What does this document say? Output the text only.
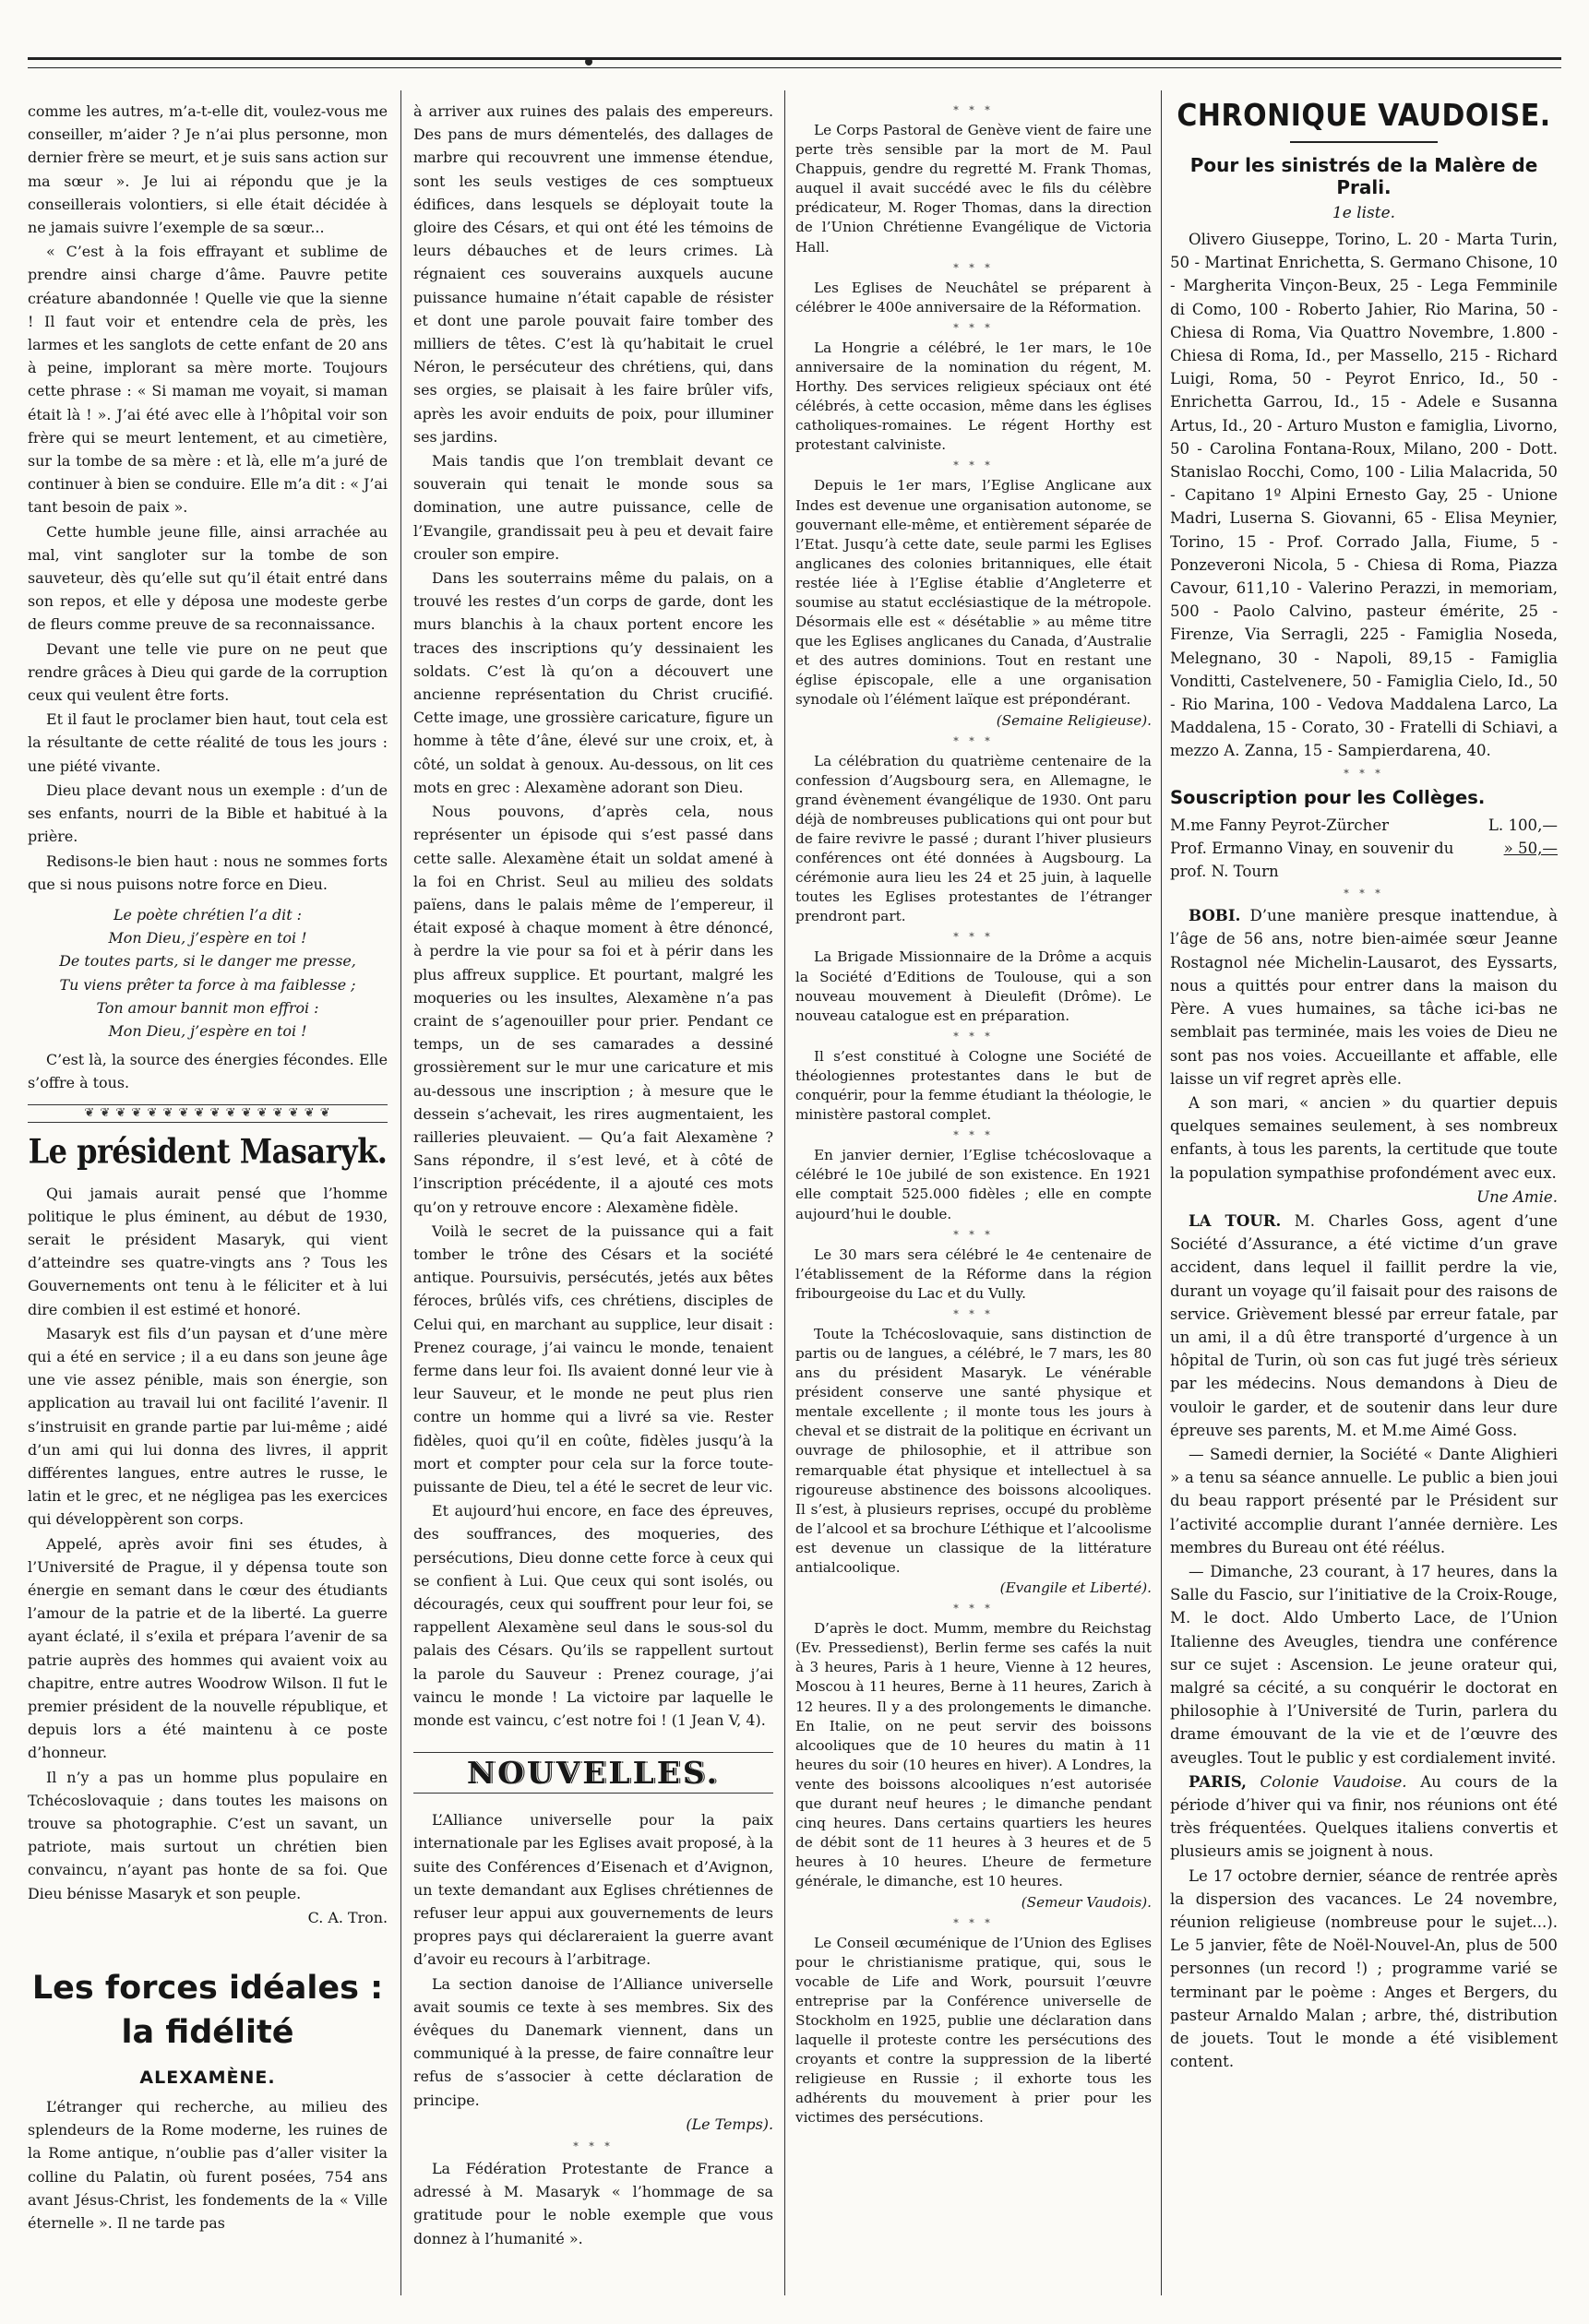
comme les autres, m’a-t-elle dit, voulez-vous me conseiller, m’aider ? Je n’ai plus personne, mon dernier frère se meurt, et je suis sans action sur ma sœur ». Je lui ai répondu que je la conseillerais volontiers, si elle était décidée à ne jamais suivre l’exemple de sa sœur...

« C’est à la fois effrayant et sublime de prendre ainsi charge d’âme. Pauvre petite créature abandonnée ! Quelle vie que la sienne ! Il faut voir et entendre cela de près, les larmes et les sanglots de cette enfant de 20 ans à peine, implorant sa mère morte. Toujours cette phrase : « Si maman me voyait, si maman était là ! ». J’ai été avec elle à l’hôpital voir son frère qui se meurt lentement, et au cimetière, sur la tombe de sa mère : et là, elle m’a juré de continuer à bien se conduire. Elle m’a dit : « J’ai tant besoin de paix ».

Cette humble jeune fille, ainsi arrachée au mal, vint sangloter sur la tombe de son sauveteur, dès qu’elle sut qu’il était entré dans son repos, et elle y déposa une modeste gerbe de fleurs comme preuve de sa reconnaissance.

Devant une telle vie pure on ne peut que rendre grâces à Dieu qui garde de la corruption ceux qui veulent être forts.

Et il faut le proclamer bien haut, tout cela est la résultante de cette réalité de tous les jours : une piété vivante.

Dieu place devant nous un exemple : d’un de ses enfants, nourri de la Bible et habitué à la prière.

Redisons-le bien haut : nous ne sommes forts que si nous puisons notre force en Dieu.

Le poète chrétien l’a dit :
Mon Dieu, j’espère en toi !
De toutes parts, si le danger me presse,
Tu viens prêter ta force à ma faiblesse ;
Ton amour bannit mon effroi :
Mon Dieu, j’espère en toi !

C’est là, la source des énergies fécondes. Elle s’offre à tous.

❦ ❦ ❦ ❦ ❦ ❦ ❦ ❦ ❦ ❦ ❦ ❦ ❦ ❦ ❦ ❦
Le président Masaryk.

Qui jamais aurait pensé que l’homme politique le plus éminent, au début de 1930, serait le président Masaryk, qui vient d’atteindre ses quatre-vingts ans ? Tous les Gouvernements ont tenu à le féliciter et à lui dire combien il est estimé et honoré.

Masaryk est fils d’un paysan et d’une mère qui a été en service ; il a eu dans son jeune âge une vie assez pénible, mais son énergie, son application au travail lui ont facilité l’avenir. Il s’instruisit en grande partie par lui-même ; aidé d’un ami qui lui donna des livres, il apprit différentes langues, entre autres le russe, le latin et le grec, et ne négligea pas les exercices qui développèrent son corps.

Appelé, après avoir fini ses études, à l’Université de Prague, il y dépensa toute son énergie en semant dans le cœur des étudiants l’amour de la patrie et de la liberté. La guerre ayant éclaté, il s’exila et prépara l’avenir de sa patrie auprès des hommes qui avaient voix au chapitre, entre autres Woodrow Wilson. Il fut le premier président de la nouvelle république, et depuis lors a été maintenu à ce poste d’honneur.

Il n’y a pas un homme plus populaire en Tchécoslovaquie ; dans toutes les maisons on trouve sa photographie. C’est un savant, un patriote, mais surtout un chrétien bien convaincu, n’ayant pas honte de sa foi. Que Dieu bénisse Masaryk et son peuple.

C. A. Tron.

Les forces idéales : la fidélité
ALEXAMÈNE.

L’étranger qui recherche, au milieu des splendeurs de la Rome moderne, les ruines de la Rome antique, n’oublie pas d’aller visiter la colline du Palatin, où furent posées, 754 ans avant Jésus-Christ, les fondements de la « Ville éternelle ». Il ne tarde pas

à arriver aux ruines des palais des empereurs. Des pans de murs démentelés, des dallages de marbre qui recouvrent une immense étendue, sont les seuls vestiges de ces somptueux édifices, dans lesquels se déployait toute la gloire des Césars, et qui ont été les témoins de leurs débauches et de leurs crimes. Là régnaient ces souverains auxquels aucune puissance humaine n’était capable de résister et dont une parole pouvait faire tomber des milliers de têtes. C’est là qu’habitait le cruel Néron, le persécuteur des chrétiens, qui, dans ses orgies, se plaisait à les faire brûler vifs, après les avoir enduits de poix, pour illuminer ses jardins.

Mais tandis que l’on tremblait devant ce souverain qui tenait le monde sous sa domination, une autre puissance, celle de l’Evangile, grandissait peu à peu et devait faire crouler son empire.

Dans les souterrains même du palais, on a trouvé les restes d’un corps de garde, dont les murs blanchis à la chaux portent encore les traces des inscriptions qu’y dessinaient les soldats. C’est là qu’on a découvert une ancienne représentation du Christ crucifié. Cette image, une grossière caricature, figure un homme à tête d’âne, élevé sur une croix, et, à côté, un soldat à genoux. Au-dessous, on lit ces mots en grec : Alexamène adorant son Dieu.

Nous pouvons, d’après cela, nous représenter un épisode qui s’est passé dans cette salle. Alexamène était un soldat amené à la foi en Christ. Seul au milieu des soldats païens, dans le palais même de l’empereur, il était exposé à chaque moment à être dénoncé, à perdre la vie pour sa foi et à périr dans les plus affreux supplice. Et pourtant, malgré les moqueries ou les insultes, Alexamène n’a pas craint de s’agenouiller pour prier. Pendant ce temps, un de ses camarades a dessiné grossièrement sur le mur une caricature et mis au-dessous une inscription ; à mesure que le dessein s’achevait, les rires augmentaient, les railleries pleuvaient. — Qu’a fait Alexamène ? Sans répondre, il s’est levé, et à côté de l’inscription précédente, il a ajouté ces mots qu’on y retrouve encore : Alexamène fidèle.

Voilà le secret de la puissance qui a fait tomber le trône des Césars et la société antique. Poursuivis, persécutés, jetés aux bêtes féroces, brûlés vifs, ces chrétiens, disciples de Celui qui, en marchant au supplice, leur disait : Prenez courage, j’ai vaincu le monde, tenaient ferme dans leur foi. Ils avaient donné leur vie à leur Sauveur, et le monde ne peut plus rien contre un homme qui a livré sa vie. Rester fidèles, quoi qu’il en coûte, fidèles jusqu’à la mort et compter pour cela sur la force toute-puissante de Dieu, tel a été le secret de leur vic.

Et aujourd’hui encore, en face des épreuves, des souffrances, des moqueries, des persécutions, Dieu donne cette force à ceux qui se confient à Lui. Que ceux qui sont isolés, ou découragés, ceux qui souffrent pour leur foi, se rappellent Alexamène seul dans le sous-sol du palais des Césars. Qu’ils se rappellent surtout la parole du Sauveur : Prenez courage, j’ai vaincu le monde ! La victoire par laquelle le monde est vaincu, c’est notre foi ! (1 Jean V, 4).

NOUVELLES.

L’Alliance universelle pour la paix internationale par les Eglises avait proposé, à la suite des Conférences d’Eisenach et d’Avignon, un texte demandant aux Eglises chrétiennes de refuser leur appui aux gouvernements de leurs propres pays qui déclareraient la guerre avant d’avoir eu recours à l’arbitrage.

La section danoise de l’Alliance universelle avait soumis ce texte à ses membres. Six des évêques du Danemark viennent, dans un communiqué à la presse, de faire connaître leur refus de s’associer à cette déclaration de principe.

(Le Temps).

* * *

La Fédération Protestante de France a adressé à M. Masaryk « l’hommage de sa gratitude pour le noble exemple que vous donnez à l’humanité ».

* * *

Le Corps Pastoral de Genève vient de faire une perte très sensible par la mort de M. Paul Chappuis, gendre du regretté M. Frank Thomas, auquel il avait succédé avec le fils du célèbre prédicateur, M. Roger Thomas, dans la direction de l’Union Chrétienne Evangélique de Victoria Hall.

* * *

Les Eglises de Neuchâtel se préparent à célébrer le 400e anniversaire de la Réformation.

* * *

La Hongrie a célébré, le 1er mars, le 10e anniversaire de la nomination du régent, M. Horthy. Des services religieux spéciaux ont été célébrés, à cette occasion, même dans les églises catholiques-romaines. Le régent Horthy est protestant calviniste.

* * *

Depuis le 1er mars, l’Eglise Anglicane aux Indes est devenue une organisation autonome, se gouvernant elle-même, et entièrement séparée de l’Etat. Jusqu’à cette date, seule parmi les Eglises anglicanes des colonies britanniques, elle était restée liée à l’Eglise établie d’Angleterre et soumise au statut ecclésiastique de la métropole. Désormais elle est « désétablie » au même titre que les Eglises anglicanes du Canada, d’Australie et des autres dominions. Tout en restant une église épiscopale, elle a une organisation synodale où l’élément laïque est prépondérant.

(Semaine Religieuse).

* * *

La célébration du quatrième centenaire de la confession d’Augsbourg sera, en Allemagne, le grand évènement évangélique de 1930. Ont paru déjà de nombreuses publications qui ont pour but de faire revivre le passé ; durant l’hiver plusieurs conférences ont été données à Augsbourg. La cérémonie aura lieu les 24 et 25 juin, à laquelle toutes les Eglises protestantes de l’étranger prendront part.

* * *

La Brigade Missionnaire de la Drôme a acquis la Société d’Editions de Toulouse, qui a son nouveau mouvement à Dieulefit (Drôme). Le nouveau catalogue est en préparation.

* * *

Il s’est constitué à Cologne une Société de théologiennes protestantes dans le but de conquérir, pour la femme étudiant la théologie, le ministère pastoral complet.

* * *

En janvier dernier, l’Eglise tchécoslovaque a célébré le 10e jubilé de son existence. En 1921 elle comptait 525.000 fidèles ; elle en compte aujourd’hui le double.

* * *

Le 30 mars sera célébré le 4e centenaire de l’établissement de la Réforme dans la région fribourgeoise du Lac et du Vully.

* * *

Toute la Tchécoslovaquie, sans distinction de partis ou de langues, a célébré, le 7 mars, les 80 ans du président Masaryk. Le vénérable président conserve une santé physique et mentale excellente ; il monte tous les jours à cheval et se distrait de la politique en écrivant un ouvrage de philosophie, et il attribue son remarquable état physique et intellectuel à sa rigoureuse abstinence des boissons alcooliques. Il s’est, à plusieurs reprises, occupé du problème de l’alcool et sa brochure L’éthique et l’alcoolisme est devenue un classique de la littérature antialcoolique.

(Evangile et Liberté).

* * *

D’après le doct. Mumm, membre du Reichstag (Ev. Pressedienst), Berlin ferme ses cafés la nuit à 3 heures, Paris à 1 heure, Vienne à 12 heures, Moscou à 11 heures, Berne à 11 heures, Zarich à 12 heures. Il y a des prolongements le dimanche. En Italie, on ne peut servir des boissons alcooliques que de 10 heures du matin à 11 heures du soir (10 heures en hiver). A Londres, la vente des boissons alcooliques n’est autorisée que durant neuf heures ; le dimanche pendant cinq heures. Dans certains quartiers les heures de débit sont de 11 heures à 3 heures et de 5 heures à 10 heures. L’heure de fermeture générale, le dimanche, est 10 heures.

(Semeur Vaudois).

* * *

Le Conseil œcuménique de l’Union des Eglises pour le christianisme pratique, qui, sous le vocable de Life and Work, poursuit l’œuvre entreprise par la Conférence universelle de Stockholm en 1925, publie une déclaration dans laquelle il proteste contre les persécutions des croyants et contre la suppression de la liberté religieuse en Russie ; il exhorte tous les adhérents du mouvement à prier pour les victimes des persécutions.

CHRONIQUE VAUDOISE.
Pour les sinistrés de la Malère de Prali.
1e liste.

Olivero Giuseppe, Torino, L. 20 - Marta Turin, 50 - Martinat Enrichetta, S. Germano Chisone, 10 - Margherita Vinçon-Beux, 25 - Lega Femminile di Como, 100 - Roberto Jahier, Rio Marina, 50 - Chiesa di Roma, Via Quattro Novembre, 1.800 - Chiesa di Roma, Id., per Massello, 215 - Richard Luigi, Roma, 50 - Peyrot Enrico, Id., 50 - Enrichetta Garrou, Id., 15 - Adele e Susanna Artus, Id., 20 - Arturo Muston e famiglia, Livorno, 50 - Carolina Fontana-Roux, Milano, 200 - Dott. Stanislao Rocchi, Como, 100 - Lilia Malacrida, 50 - Capitano 1º Alpini Ernesto Gay, 25 - Unione Madri, Luserna S. Giovanni, 65 - Elisa Meynier, Torino, 15 - Prof. Corrado Jalla, Fiume, 5 - Ponzeveroni Nicola, 5 - Chiesa di Roma, Piazza Cavour, 611,10 - Valerino Perazzi, in memoriam, 500 - Paolo Calvino, pasteur émérite, 25 - Firenze, Via Serragli, 225 - Famiglia Noseda, Melegnano, 30 - Napoli, 89,15 - Famiglia Vonditti, Castelvenere, 50 - Famiglia Cielo, Id., 50 - Rio Marina, 100 - Vedova Maddalena Larco, La Maddalena, 15 - Corato, 30 - Fratelli di Schiavi, a mezzo A. Zanna, 15 - Sampierdarena, 40.

* * *
Souscription pour les Collèges.
M.me Fanny Peyrot-Zürcher	L. 100,—
Prof. Ermanno Vinay, en souvenir du prof. N. Tourn
» 50,—
* * *

BOBI. D’une manière presque inattendue, à l’âge de 56 ans, notre bien-aimée sœur Jeanne Rostagnol née Michelin-Lausarot, des Eyssarts, nous a quittés pour entrer dans la maison du Père. A vues humaines, sa tâche ici-bas ne semblait pas terminée, mais les voies de Dieu ne sont pas nos voies. Accueillante et affable, elle laisse un vif regret après elle.

A son mari, « ancien » du quartier depuis quelques semaines seulement, à ses nombreux enfants, à tous les parents, la certitude que toute la population sympathise profondément avec eux.

Une Amie.

LA TOUR. M. Charles Goss, agent d’une Société d’Assurance, a été victime d’un grave accident, dans lequel il faillit perdre la vie, durant un voyage qu’il faisait pour des raisons de service. Grièvement blessé par erreur fatale, par un ami, il a dû être transporté d’urgence à un hôpital de Turin, où son cas fut jugé très sérieux par les médecins. Nous demandons à Dieu de vouloir le garder, et de soutenir dans leur dure épreuve ses parents, M. et M.me Aimé Goss.

— Samedi dernier, la Société « Dante Alighieri » a tenu sa séance annuelle. Le public a bien joui du beau rapport présenté par le Président sur l’activité accomplie durant l’année dernière. Les membres du Bureau ont été réélus.

— Dimanche, 23 courant, à 17 heures, dans la Salle du Fascio, sur l’initiative de la Croix-Rouge, M. le doct. Aldo Umberto Lace, de l’Union Italienne des Aveugles, tiendra une conférence sur ce sujet : Ascension. Le jeune orateur qui, malgré sa cécité, a su conquérir le doctorat en philosophie à l’Université de Turin, parlera du drame émouvant de la vie et de l’œuvre des aveugles. Tout le public y est cordialement invité.

PARIS, Colonie Vaudoise. Au cours de la période d’hiver qui va finir, nos réunions ont été très fréquentées. Quelques italiens convertis et plusieurs amis se joignent à nous.

Le 17 octobre dernier, séance de rentrée après la dispersion des vacances. Le 24 novembre, réunion religieuse (nombreuse pour le sujet...). Le 5 janvier, fête de Noël-Nouvel-An, plus de 500 personnes (un record !) ; programme varié se terminant par le poème : Anges et Bergers, du pasteur Arnaldo Malan ; arbre, thé, distribution de jouets. Tout le monde a été visiblement content.
